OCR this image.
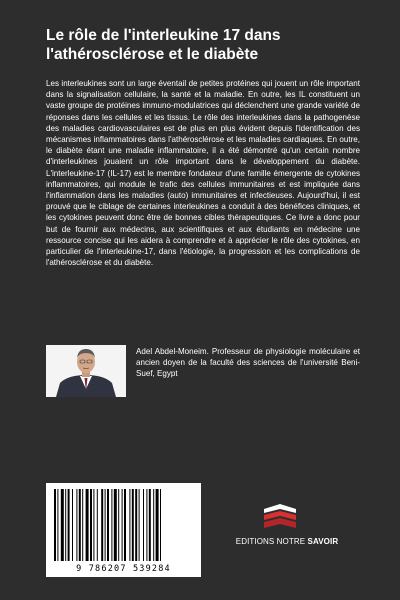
Le rôle de l'interleukine 17 dans l'athérosclérose et le diabète
Les interleukines sont un large éventail de petites protéines qui jouent un rôle important dans la signalisation cellulaire, la santé et la maladie. En outre, les IL constituent un vaste groupe de protéines immuno-modulatrices qui déclenchent une grande variété de réponses dans les cellules et les tissus. Le rôle des interleukines dans la pathogenèse des maladies cardiovasculaires est de plus en plus évident depuis l'identification des mécanismes inflammatoires dans l'athérosclérose et les maladies cardiaques. En outre, le diabète étant une maladie inflammatoire, il a été démontré qu'un certain nombre d'interleukines jouaient un rôle important dans le développement du diabète. L'interleukine-17 (IL-17) est le membre fondateur d'une famille émergente de cytokines inflammatoires, qui module le trafic des cellules immunitaires et est impliquée dans l'inflammation dans les maladies (auto) immunitaires et infectieuses. Aujourd'hui, il est prouvé que le ciblage de certaines interleukines a conduit à des bénéfices cliniques, et les cytokines peuvent donc être de bonnes cibles thérapeutiques. Ce livre a donc pour but de fournir aux médecins, aux scientifiques et aux étudiants en médecine une ressource concise qui les aidera à comprendre et à apprécier le rôle des cytokines, en particulier de l'interleukine-17, dans l'étiologie, la progression et les complications de l'athérosclérose et du diabète.
Adel Abdel-Moneim. Professeur de physiologie moléculaire et ancien doyen de la faculté des sciences de l'université Beni-Suef, Egypt
9 786207 539284
EDITIONS NOTRE SAVOIR
